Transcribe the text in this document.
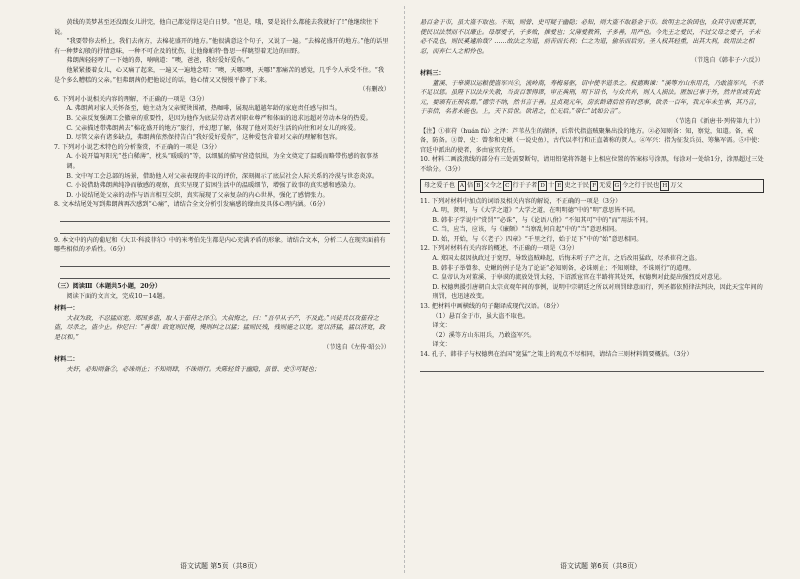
黄线的美梦甚至还没跟女儿讲完，他自己都觉得这是白日梦。“但是，哦，要是说什么都能去我就好了!”他继续往下说。

“我要带你去桥上，我们去南方，去棉花盛开的地方。”他很满意这个句子，又说了一遍。“去棉花盛开的地方。”他的话里有一种梦幻般的抒情意味，一种不可企及的忧伤，让他像帕特·鲁思一样眺望着无边的田野。

弗朗茜轻轻哼了一下她的鼻，喃喃道：“噢，爸爸，我好爱好爱你。”

他紧紧搂着女儿，心又痛了起来，一遍又一遍地念叨：“噢，天哪!噢，天哪!”那痛苦的感觉，几乎令人承受不住。“我是个多么糟糕的父亲。”但弗朗茜仍把他说过的话，他心情又又慢慢平静了下来。

（有删改）

6. 下列对小说相关内容的理解，不正确的一项是（3分）

A. 弗朗茜对家人关怀备至，她主动为父亲熨烫围裙，热咖啡，展现出超越年龄的家庭责任感与担当。

B. 父亲反复强调工会徽章的重要性，是因为他作为底层劳动者对职业尊严和体面的追求远超对劳动本身的热爱。

C. 父亲描述带弗朗茜去“棉花盛开的地方”旅行，并幻想了解，体现了他对美好生活的向往和对女儿的疼爱。

D. 尽管父亲有诸多缺点，弗朗茜依然保持告白“我好爱好爱你”，这种爱包含着对父亲的理解和包容。

7. 下列对小说艺术特色的分析鉴赏，不正确的一项是（3分）

A. 小说开篇写阳光“苍白稀薄”，枕头“暖暖的”等，以细腻的描写营造氛围，为全文奠定了温暖而略带伤感的叙事基调。

B. 文中写工会总部的场景，借助他人对父亲表现的非议的评价，深刻揭示了底层社会人际关系的冷漠与世态炎凉。

C. 小说借助弗朗茜纯净而敏感的观察，真实呈现了贫困生活中的温暖细节，增强了故事的真实感和感染力。

D. 小说结尾处父亲的动作与语言相互交织，真实展现了父亲复杂的内心世界，强化了感情张力。

8. 文本结尾处写到弗朗茜再次感到“心痛”，请结合全文分析引发痛感的缘由及具体心理内涵。（6分）

9. 本文中的内的葡尼和《大卫·科波菲尔》中的米考伯先生都是内心充满矛盾的形象。请结合文本，分析二人在现实面前有哪些相似的矛盾性。（6分）

（三）阅读Ⅲ（本题共5小题，20分）

阅读下面的文言文，完成10～14题。

材料一：

大叔为政，不忍猛而宽。郑国多盗，取人于萑苻之泽①。大叔悔之，曰：“吾早从子产，不及此。”兴徒兵以攻萑苻之盗，尽杀之，盗少止。仲尼曰：“善哉！政宽则民慢，慢则纠之以猛；猛则民残，残则施之以宽。宽以济猛，猛以济宽，政是以和。”

（节选自《左传·昭公》）

材料二：

夫奸，必知则备②，必诛则止；不知则肆，不诛则行。夫陈轻货于幽隐，虽曾、史③可疑也；

悬百金于市，虽大盗不取也。不知，则曾、史可疑于幽隐；必知，则大盗不取悬金于市。故明主之治国也，众其守而重其罪，使民以法禁而不以廉止。母厚爱子，子多败，推爱也；父薄爱教笞，子多善，用严也。今先王之爱民，不过父母之爱子，子未必不乱也，则民奚遽治哉？……故法之为道，前苦而长利；仁之为道，偷乐而后穷。圣人权其轻重，出其大利，故用法之相忍，而弃仁人之相怜也。

（节选自《韩非子·六反》）

材料三：

董溪、于皋谟以运粮使盗军兴④，流岭南，寿梅易驱，诏中使半道杀之。权德舆谏：“溪等方山东用兵，乃敢盗军兴，不杀不足以惩。虽陛下以法斥失赦，当责百罪得谬，审正典刑，明下诏书，与众共弃，则人人损法。匿加已事于外，然并世或有此元，要颁有正刑名焉。”德宗不纳，然书言于善。且贞观元年，房玄龄请后世有时恶事，欲杀一百年，我元年未生事，其乃言，于亲信，名者未能也。上，天下后世。欲诸之，忙无后。”帝仁“试如公言”。

（节选自《新唐书·列传第九十》）

【注】①萑苻（huán fú）之泽：芦苇丛生的湖泽，后常代指盗贼聚集出没的地方。②必知则备：知，察觉，知道。备，戒备，防备。③曾、史：曾参和史鳅（一说史鱼），古代以孝行和正直著称的贤人。④军兴：指为征发兵员、筹集军需。⑤中使：宫廷中派出的使者，多由宦官充任。

10. 材料二画波浪线的部分有三处需要断句，请用铅笔将答题卡上相应位置的答案标号涂黑，每涂对一处给1分，涂黑超过三处不给分。（3分）

母之爱子也 A 倍 B 父令之 C 行于子者 D 十 E 吏之于民 F 无爱 G 令之行于民也 H 万父

11. 下列对材料中加点的词语及相关内容的解说，不正确的一项是（3分）

A. 明，贤明，与《大学之道》“大学之道，在明明德”中的“明”意思皆不同。

B. 韩非子学说中“赏罚”“必诛”，与《论语八佾》“不知其可”中的“而”用法不同。

C. 当，应当，应该，与《廉颇》“当察乱何自起”中的“当”意思相同。

D. 始，开始，与《〈老子〉四章》“千里之行，始于足下”中的“始”意思相同。

12. 下列对材料有关内容的概述，不正确的一项是（3分）

A. 郑国太叔因执政过于宽厚，导致盗贼峰起，后悔未听子产之言，之后改用猛政，尽杀萑苻之盗。

B. 韩非子举曾参、史鳅的例子是为了论证“必知则备，必诛则止；不知则肆，不诛则行”的道理。

C. 皇帝认为对董溪、于皋谟的流放处罚太轻，下诏派宦官在半路将其处死，权德舆对此提出强烈反对意见。

D. 权德舆援引唐朝自太宗贞观年间的事例，说明中宗朝廷之所以对刑罚肆意而行，列圣都依照律法判决，因此天宝年间的刑罚，也迅速改变。

13. 把材料中画横线的句子翻译成现代汉语。（8分）

（1）悬百金于市，虽大盗不取也。

译文：

（2）溪等方山东用兵，乃敢盗军兴。

译文：

14. 孔子、韩非子与权德舆在治国“宽猛”之策上的观点不尽相同，请结合三则材料简要概括。（3分）

语文试题 第5页（共8页）	语文试题 第6页（共8页）
